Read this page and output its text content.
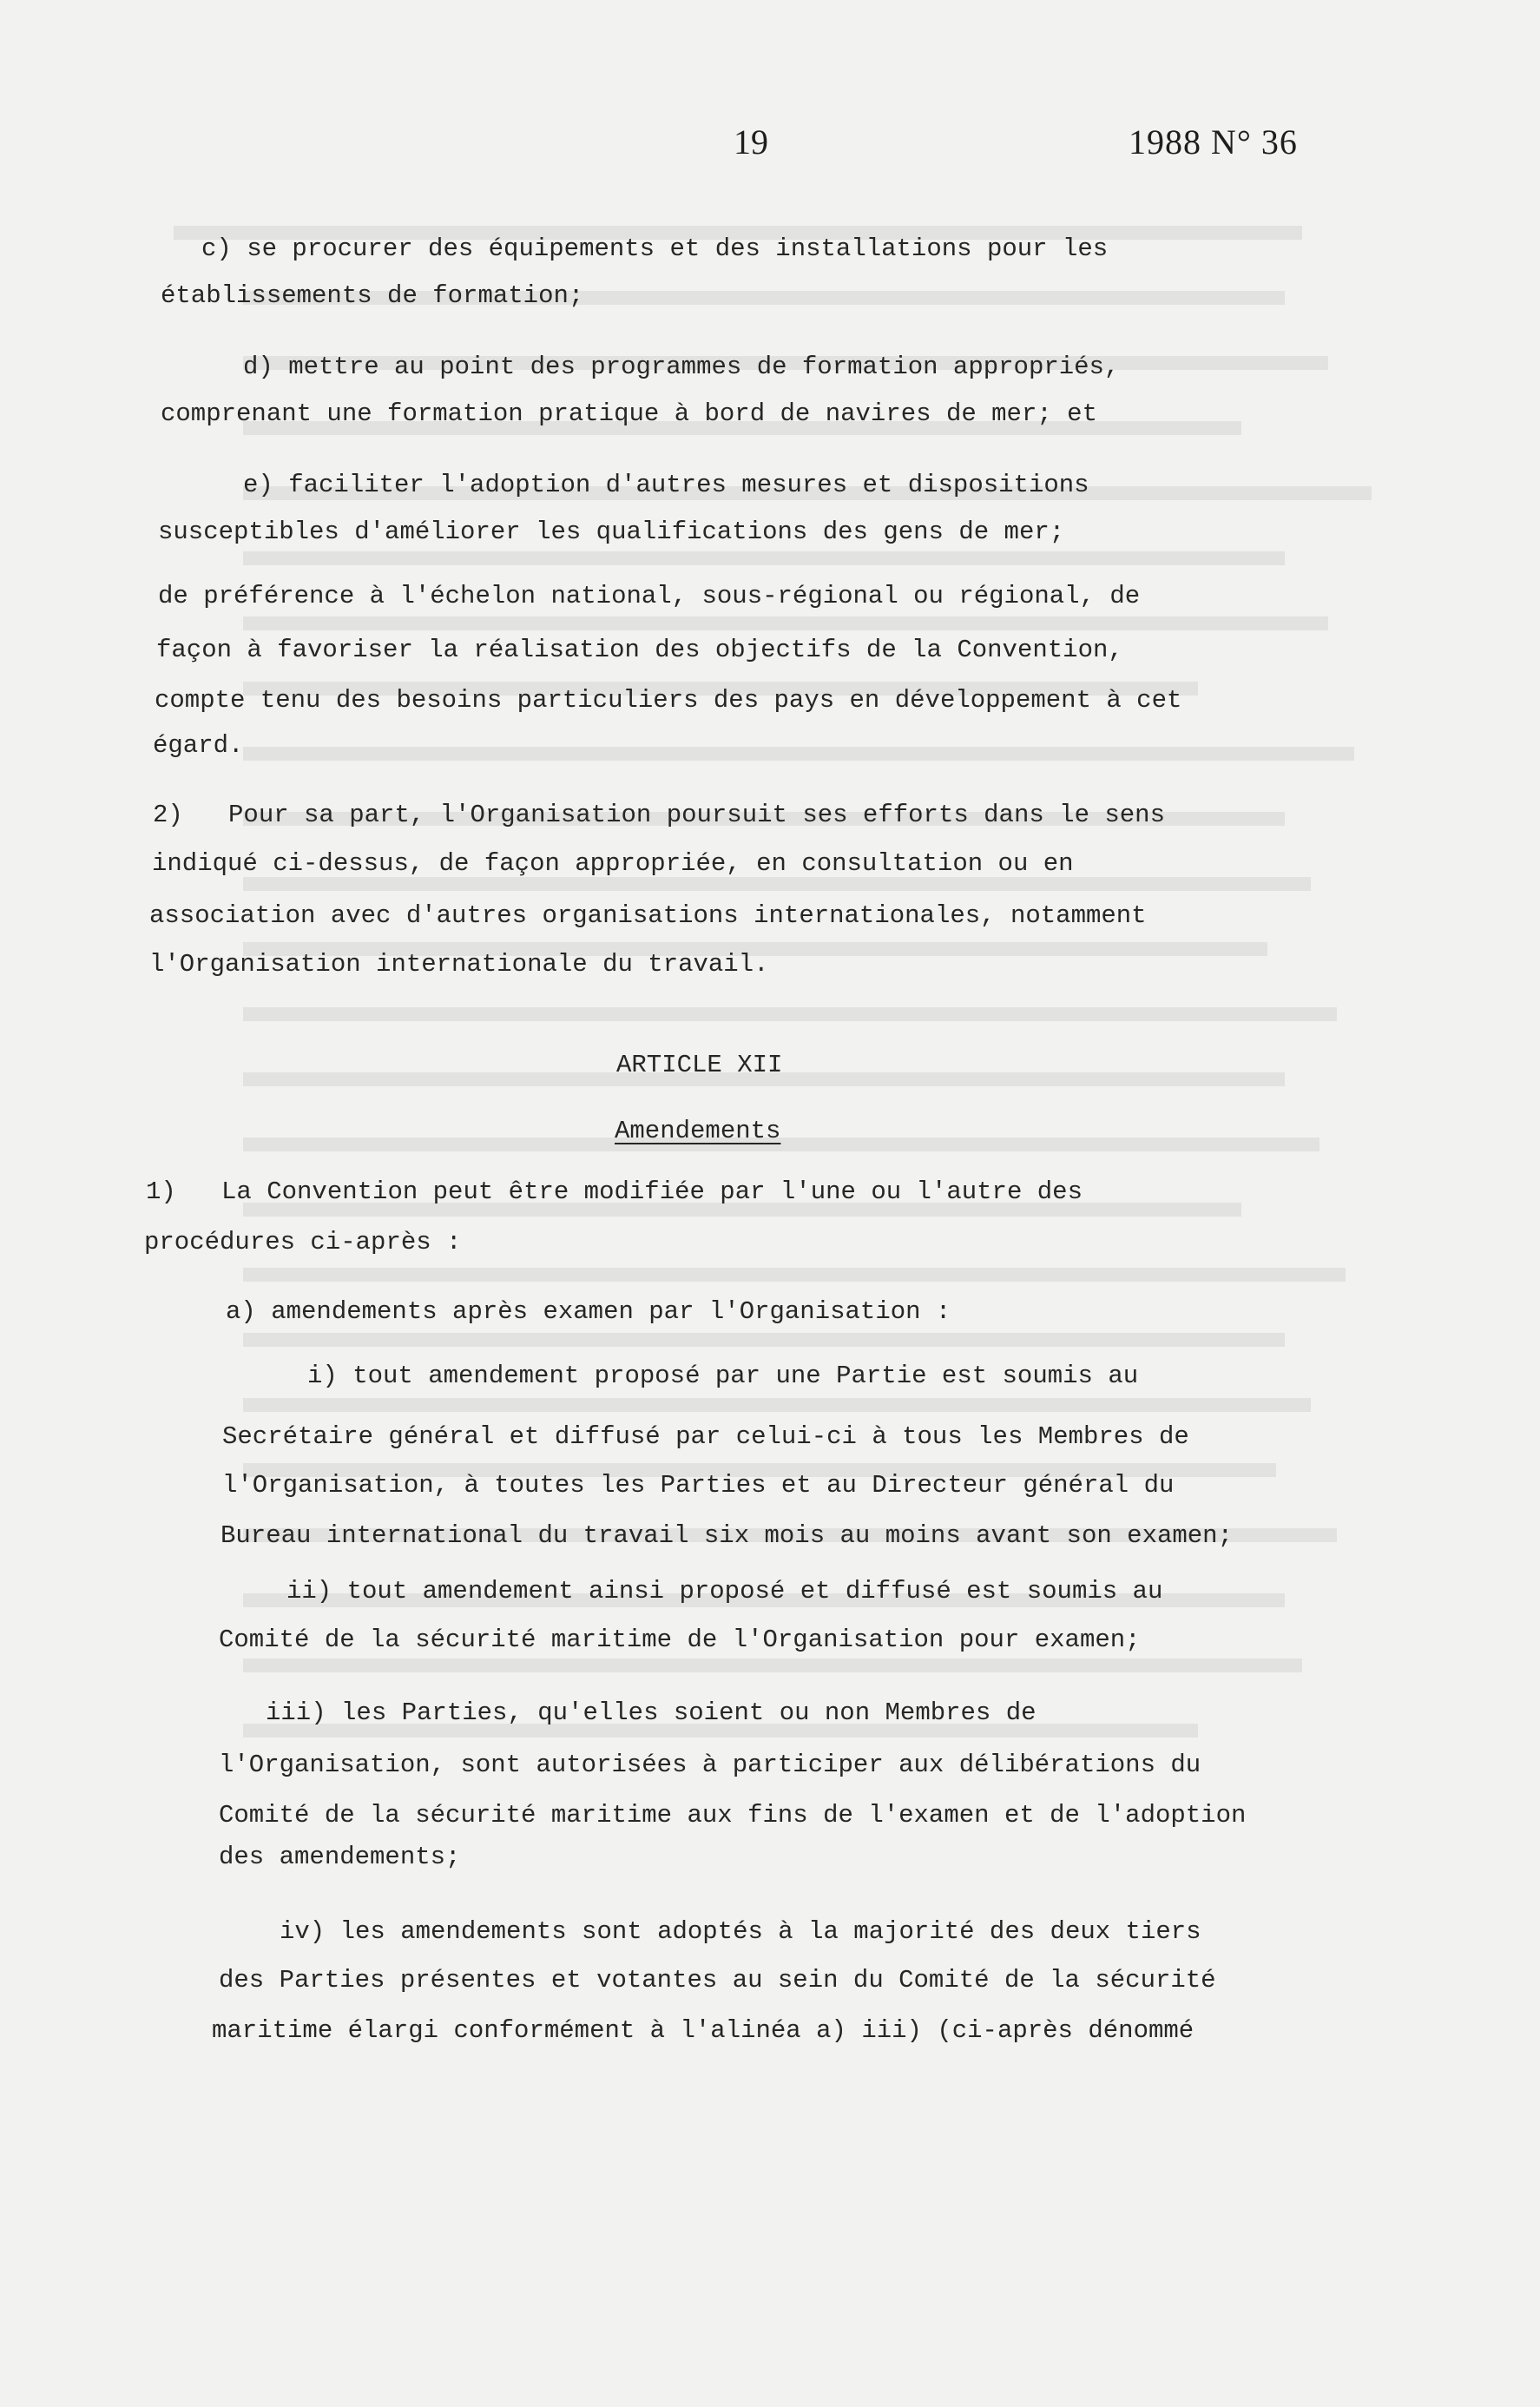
19	1988 N° 36
c) se procurer des équipements et des installations pour les
établissements de formation;
d) mettre au point des programmes de formation appropriés,
comprenant une formation pratique à bord de navires de mer; et
e) faciliter l'adoption d'autres mesures et dispositions
susceptibles d'améliorer les qualifications des gens de mer;
de préférence à l'échelon national, sous-régional ou régional, de
façon à favoriser la réalisation des objectifs de la Convention,
compte tenu des besoins particuliers des pays en développement à cet
égard.
2)   Pour sa part, l'Organisation poursuit ses efforts dans le sens
indiqué ci-dessus, de façon appropriée, en consultation ou en
association avec d'autres organisations internationales, notamment
l'Organisation internationale du travail.
ARTICLE XII
Amendements
1)   La Convention peut être modifiée par l'une ou l'autre des
procédures ci-après :
a) amendements après examen par l'Organisation :
i) tout amendement proposé par une Partie est soumis au
Secrétaire général et diffusé par celui-ci à tous les Membres de
l'Organisation, à toutes les Parties et au Directeur général du
Bureau international du travail six mois au moins avant son examen;
ii) tout amendement ainsi proposé et diffusé est soumis au
Comité de la sécurité maritime de l'Organisation pour examen;
iii) les Parties, qu'elles soient ou non Membres de
l'Organisation, sont autorisées à participer aux délibérations du
Comité de la sécurité maritime aux fins de l'examen et de l'adoption
des amendements;
iv) les amendements sont adoptés à la majorité des deux tiers
des Parties présentes et votantes au sein du Comité de la sécurité
maritime élargi conformément à l'alinéa a) iii) (ci-après dénommé
